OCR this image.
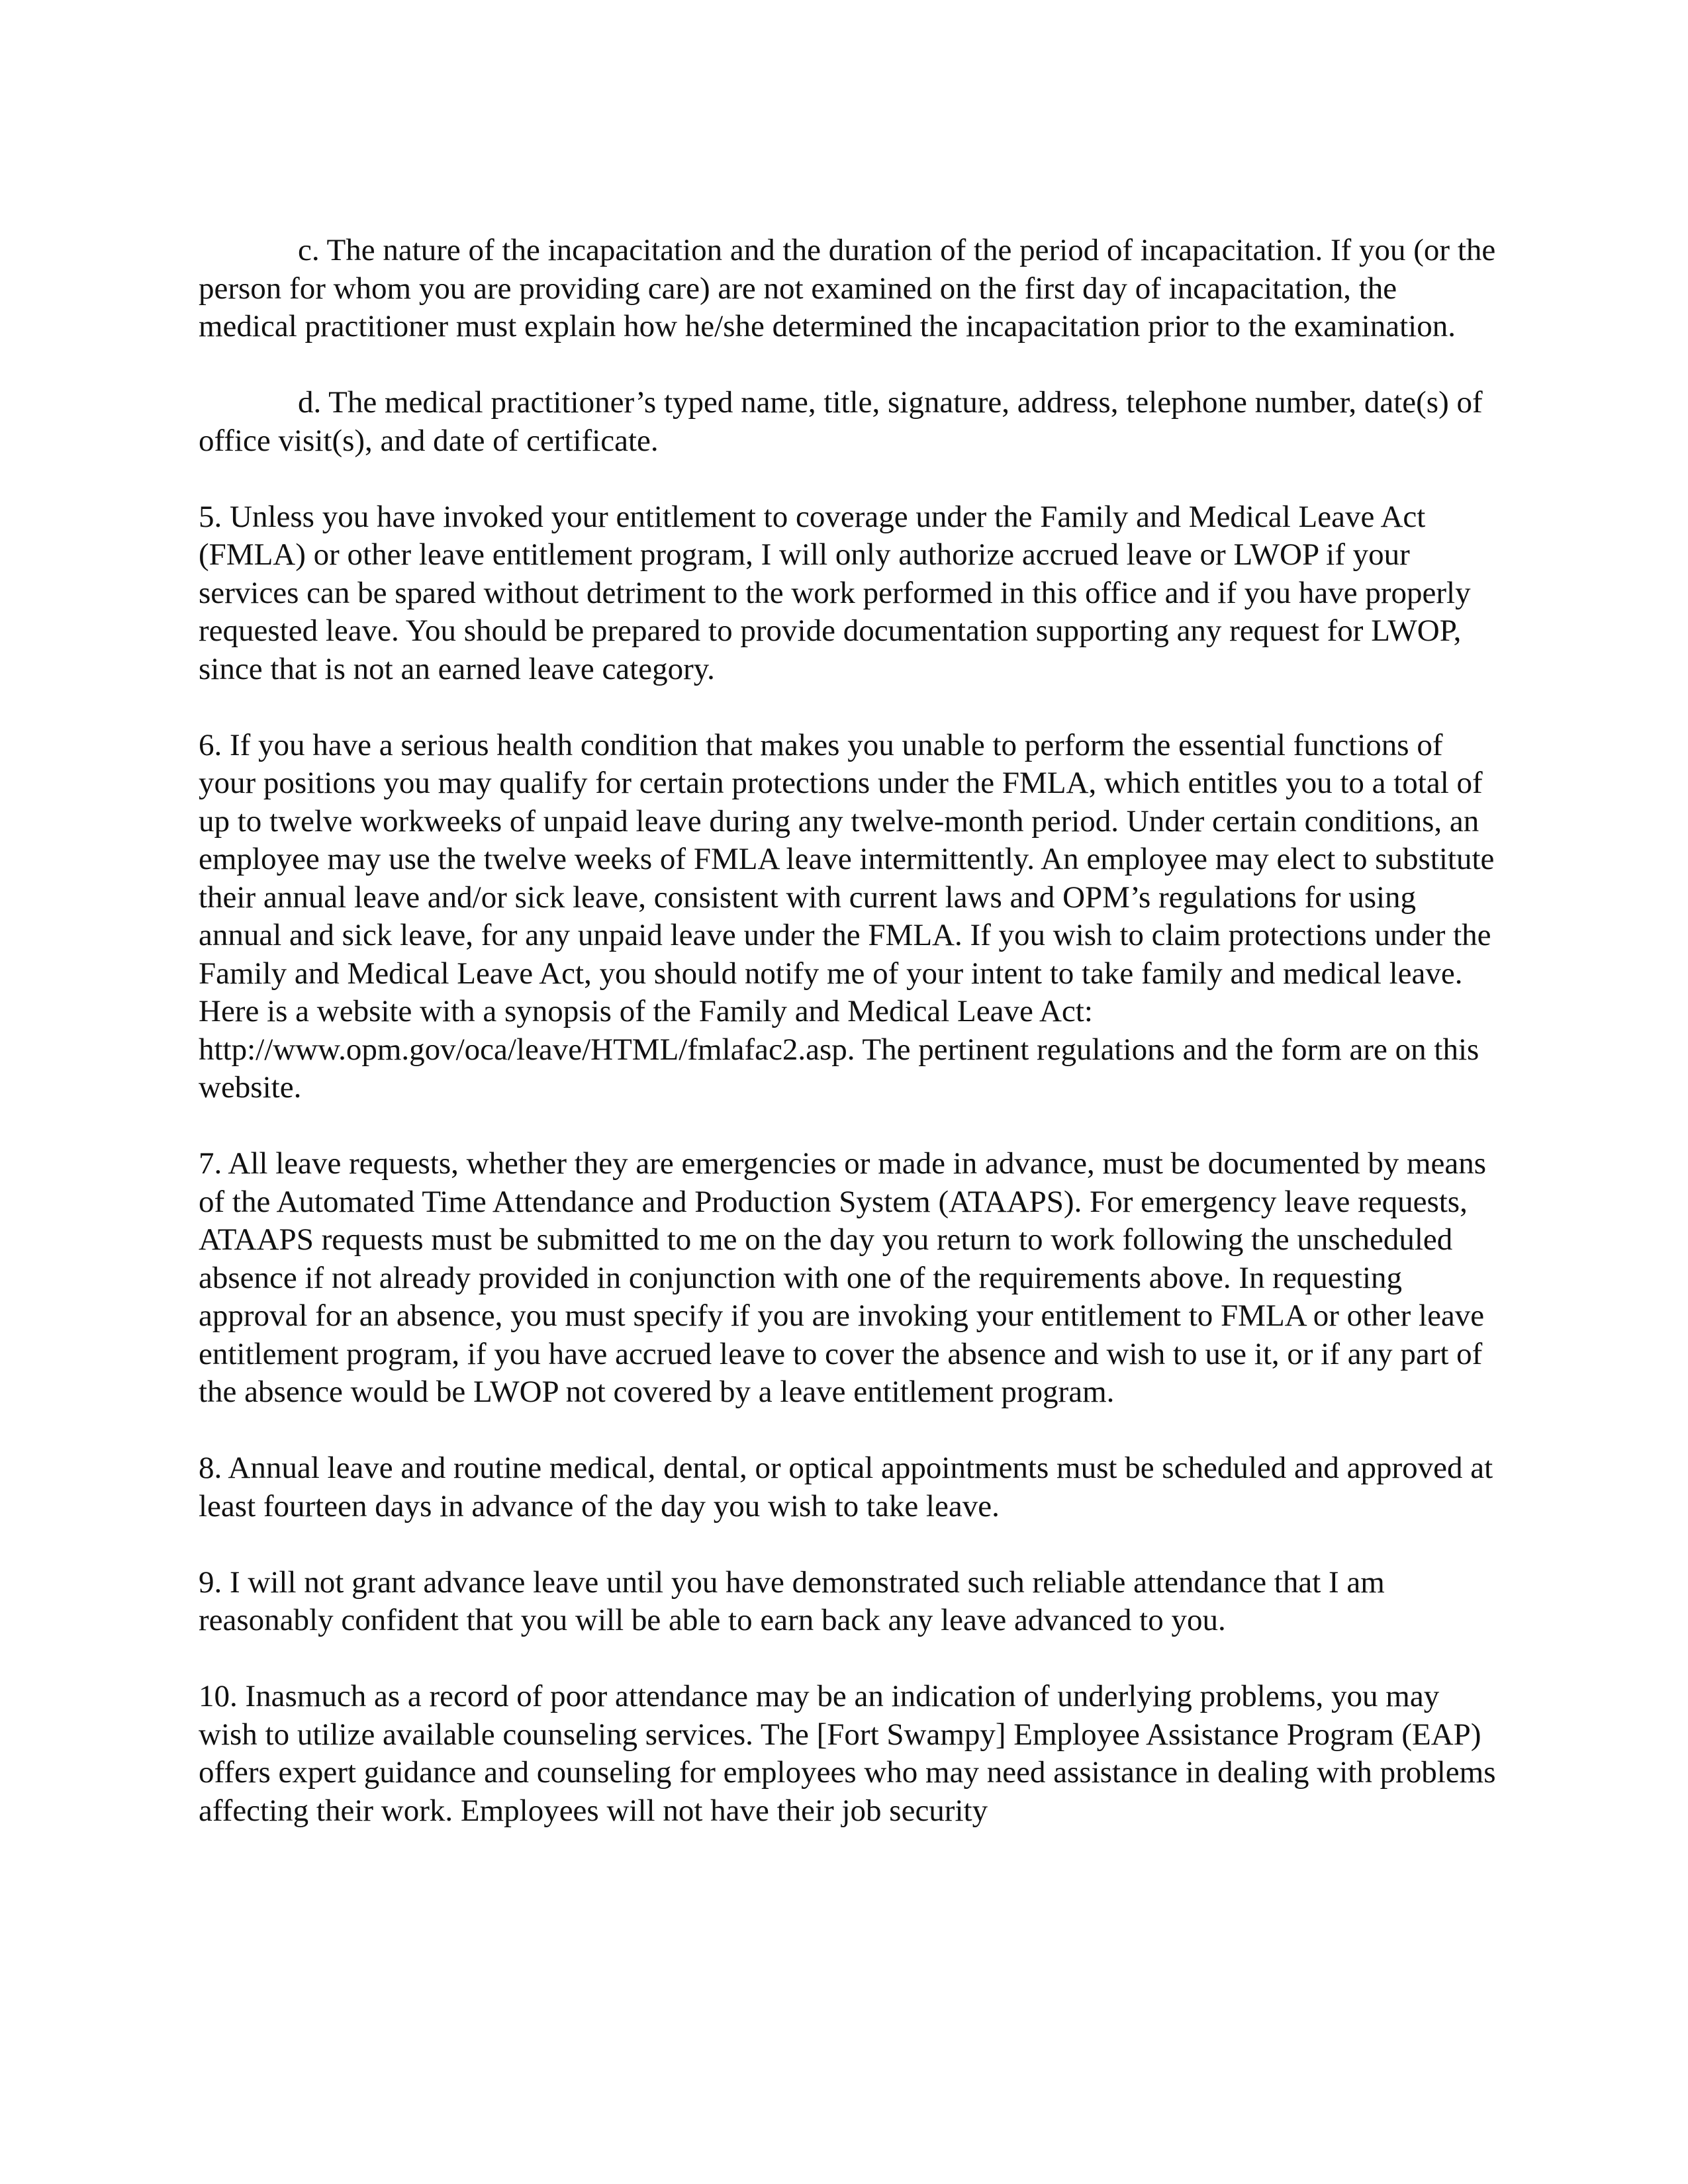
c. The nature of the incapacitation and the duration of the period of incapacitation. If you (or the person for whom you are providing care) are not examined on the first day of incapacitation, the medical practitioner must explain how he/she determined the incapacitation prior to the examination.

d. The medical practitioner’s typed name, title, signature, address, telephone number, date(s) of office visit(s), and date of certificate.

5. Unless you have invoked your entitlement to coverage under the Family and Medical Leave Act (FMLA) or other leave entitlement program, I will only authorize accrued leave or LWOP if your services can be spared without detriment to the work performed in this office and if you have properly requested leave. You should be prepared to provide documentation supporting any request for LWOP, since that is not an earned leave category.

6. If you have a serious health condition that makes you unable to perform the essential functions of your positions you may qualify for certain protections under the FMLA, which entitles you to a total of up to twelve workweeks of unpaid leave during any twelve-month period. Under certain conditions, an employee may use the twelve weeks of FMLA leave intermittently. An employee may elect to substitute their annual leave and/or sick leave, consistent with current laws and OPM’s regulations for using annual and sick leave, for any unpaid leave under the FMLA. If you wish to claim protections under the Family and Medical Leave Act, you should notify me of your intent to take family and medical leave. Here is a website with a synopsis of the Family and Medical Leave Act: http://www.opm.gov/oca/leave/HTML/fmlafac2.asp. The pertinent regulations and the form are on this website.

7. All leave requests, whether they are emergencies or made in advance, must be documented by means of the Automated Time Attendance and Production System (ATAAPS). For emergency leave requests, ATAAPS requests must be submitted to me on the day you return to work following the unscheduled absence if not already provided in conjunction with one of the requirements above. In requesting approval for an absence, you must specify if you are invoking your entitlement to FMLA or other leave entitlement program, if you have accrued leave to cover the absence and wish to use it, or if any part of the absence would be LWOP not covered by a leave entitlement program.

8. Annual leave and routine medical, dental, or optical appointments must be scheduled and approved at least fourteen days in advance of the day you wish to take leave.

9. I will not grant advance leave until you have demonstrated such reliable attendance that I am reasonably confident that you will be able to earn back any leave advanced to you.

10. Inasmuch as a record of poor attendance may be an indication of underlying problems, you may wish to utilize available counseling services. The [Fort Swampy] Employee Assistance Program (EAP) offers expert guidance and counseling for employees who may need assistance in dealing with problems affecting their work. Employees will not have their job security
